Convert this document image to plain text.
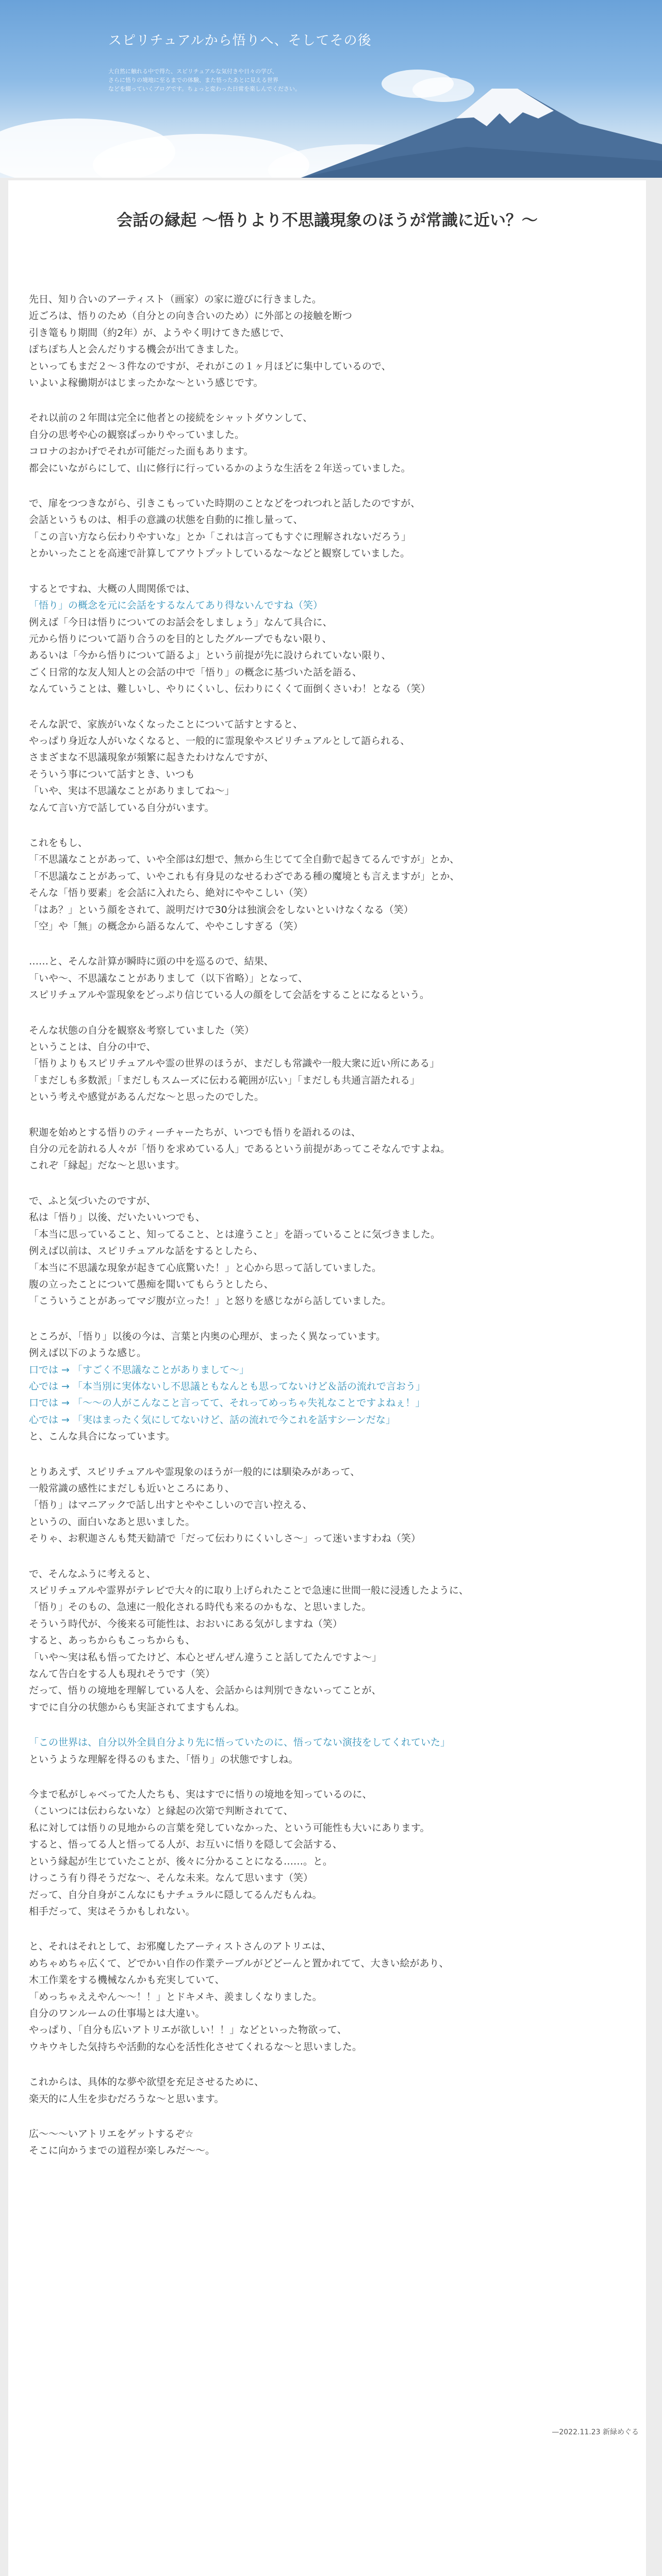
スピリチュアルから悟りへ、そしてその後

大自然に触れる中で得た、スピリチュアルな気付きや日々の学び、

さらに悟りの境地に至るまでの体験、また悟ったあとに見える世界

などを綴っていくブログです。ちょっと変わった日常を楽しんでください。

会話の縁起 〜悟りより不思議現象のほうが常識に近い？〜
先日、知り合いのアーティスト（画家）の家に遊びに行きました。
近ごろは、悟りのため（自分との向き合いのため）に外部との接触を断つ
引き篭もり期間（約2年）が、ようやく明けてきた感じで、
ぽちぽち人と会んだりする機会が出てきました。
といってもまだ２〜３件なのですが、それがこの１ヶ月ほどに集中しているので、
いよいよ稼働期がはじまったかな〜という感じです。
それ以前の２年間は完全に他者との接続をシャットダウンして、
自分の思考や心の観察ばっかりやっていました。
コロナのおかげでそれが可能だった面もあります。
都会にいながらにして、山に修行に行っているかのような生活を２年送っていました。
で、扉をつつきながら、引きこもっていた時期のことなどをつれつれと話したのですが、
会話というものは、相手の意識の状態を自動的に推し量って、
「この言い方なら伝わりやすいな」とか「これは言ってもすぐに理解されないだろう」
とかいったことを高速で計算してアウトプットしているな〜などと観察していました。
するとですね、大概の人間関係では、
「悟り」の概念を元に会話をするなんてあり得ないんですね（笑）
例えば「今日は悟りについてのお話会をしましょう」なんて具合に、
元から悟りについて語り合うのを目的としたグループでもない限り、
あるいは「今から悟りについて語るよ」という前提が先に設けられていない限り、
ごく日常的な友人知人との会話の中で「悟り」の概念に基づいた話を語る、
なんていうことは、難しいし、やりにくいし、伝わりにくくて面倒くさいわ！となる（笑）
そんな訳で、家族がいなくなったことについて話すとすると、
やっぱり身近な人がいなくなると、一般的に霊現象やスピリチュアルとして語られる、
さまざまな不思議現象が頻繁に起きたわけなんですが、
そういう事について話すとき、いつも
「いや、実は不思議なことがありましてね〜」
なんて言い方で話している自分がいます。
これをもし、
「不思議なことがあって、いや全部は幻想で、無から生じてて全自動で起きてるんですが」とか、
「不思議なことがあって、いやこれも有身見のなせるわざである種の魔境とも言えますが」とか、
そんな「悟り要素」を会話に入れたら、絶対にややこしい（笑）
「はあ？」という顔をされて、説明だけで30分は独演会をしないといけなくなる（笑）
「空」や「無」の概念から語るなんて、ややこしすぎる（笑）
……と、そんな計算が瞬時に頭の中を巡るので、結果、
「いや〜、不思議なことがありまして（以下省略）」となって、
スピリチュアルや霊現象をどっぷり信じている人の顔をして会話をすることになるという。
そんな状態の自分を観察＆考察していました（笑）
ということは、自分の中で、
「悟りよりもスピリチュアルや霊の世界のほうが、まだしも常識や一般大衆に近い所にある」
「まだしも多数派」「まだしもスムーズに伝わる範囲が広い」「まだしも共通言語たれる」
という考えや感覚があるんだな〜と思ったのでした。
釈迦を始めとする悟りのティーチャーたちが、いつでも悟りを語れるのは、
自分の元を訪れる人々が「悟りを求めている人」であるという前提があってこそなんですよね。
これぞ「縁起」だな〜と思います。
で、ふと気づいたのですが、
私は「悟り」以後、だいたいいつでも、
「本当に思っていること、知ってること、とは違うこと」を語っていることに気づきました。
例えば以前は、スピリチュアルな話をするとしたら、
「本当に不思議な現象が起きて心底驚いた！」と心から思って話していました。
腹の立ったことについて愚痴を聞いてもらうとしたら、
「こういうことがあってマジ腹が立った！」と怒りを感じながら話していました。
ところが、「悟り」以後の今は、言葉と内奥の心理が、まったく異なっています。
例えば以下のような感じ。
口では → 「すごく不思議なことがありまして〜」
心では → 「本当別に実体ないし不思議ともなんとも思ってないけど＆話の流れで言おう」
口では → 「〜〜の人がこんなこと言ってて、それってめっちゃ失礼なことですよねぇ！」
心では → 「実はまったく気にしてないけど、話の流れで今これを話すシーンだな」
と、こんな具合になっています。
とりあえず、スピリチュアルや霊現象のほうが一般的には馴染みがあって、
一般常識の感性にまだしも近いところにあり、
「悟り」はマニアックで話し出すとややこしいので言い控える、
というの、面白いなあと思いました。
そりゃ、お釈迦さんも梵天勧請で「だって伝わりにくいしさ〜」って迷いますわね（笑）
で、そんなふうに考えると、
スピリチュアルや霊界がテレビで大々的に取り上げられたことで急速に世間一般に浸透したように、
「悟り」そのもの、急速に一般化される時代も来るのかもな、と思いました。
そういう時代が、今後来る可能性は、おおいにある気がしますね（笑）
すると、あっちからもこっちからも、
「いや〜実は私も悟ってたけど、本心とぜんぜん違うこと話してたんですよ〜」
なんて告白をする人も現れそうです（笑）
だって、悟りの境地を理解している人を、会話からは判別できないってことが、
すでに自分の状態からも実証されてますもんね。
「この世界は、自分以外全員自分より先に悟っていたのに、悟ってない演技をしてくれていた」
というような理解を得るのもまた、「悟り」の状態ですしね。
今まで私がしゃべってた人たちも、実はすでに悟りの境地を知っているのに、
（こいつには伝わらないな）と縁起の次第で判断されてて、
私に対しては悟りの見地からの言葉を発していなかった、という可能性も大いにあります。
すると、悟ってる人と悟ってる人が、お互いに悟りを隠して会話する、
という縁起が生じていたことが、後々に分かることになる……。と。
けっこう有り得そうだな〜、そんな未来。なんて思います（笑）
だって、自分自身がこんなにもナチュラルに隠してるんだもんね。
相手だって、実はそうかもしれない。
と、それはそれとして、お邪魔したアーティストさんのアトリエは、
めちゃめちゃ広くて、どでかい自作の作業テーブルがどどーんと置かれてて、大きい絵があり、
木工作業をする機械なんかも充実していて、
「めっちゃええやん〜〜！！」とドキメキ、羨ましくなりました。
自分のワンルームの仕事場とは大違い。
やっぱり、「自分も広いアトリエが欲しい！！」などといった物欲って、
ウキウキした気持ちや活動的な心を活性化させてくれるな〜と思いました。
これからは、具体的な夢や欲望を充足させるために、
楽天的に人生を歩むだろうな〜と思います。
広〜〜〜いアトリエをゲットするぞ☆
そこに向かうまでの道程が楽しみだ〜〜。
—2022.11.23 新緑めぐる
